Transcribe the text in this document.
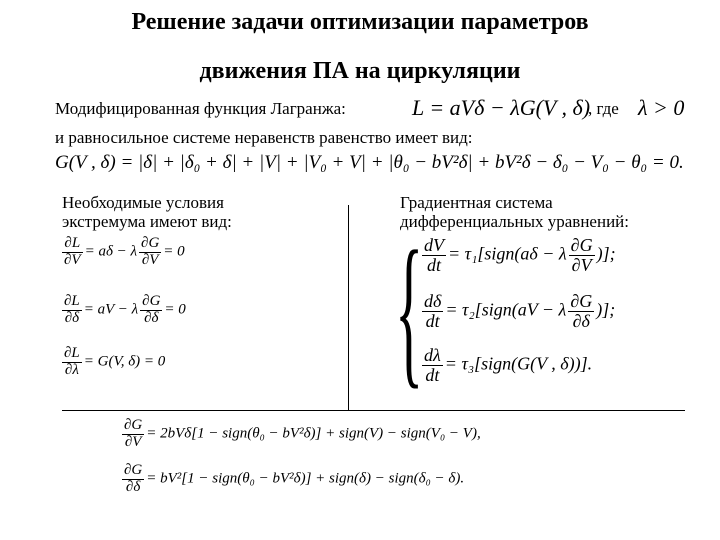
Решение задачи оптимизации параметров
движения ПА на циркуляции
Модифицированная функция Лагранжа:	L = aVδ − λG(V , δ)
, где λ > 0
и равносильное системе неравенств равенство имеет вид:
G(V , δ) = |δ| + |δ₀ + δ| + |V| + |V₀ + V| + |θ₀ − bV²δ| + bV²δ − δ₀ − V₀ − θ₀ = 0.
Необходимые условия
экстремума имеют вид:
Градиентная система
дифференциальных уравнений:
$\frac{\partial L}{\partial V} = a\delta - \lambda \frac{\partial G}{\partial V} = 0$
$\frac{\partial L}{\partial\delta}$ = aV − λ $\frac{\partial G}{\partial\delta} = 0$
$\frac{\partial L}{\partial\lambda} = G(V$, δ) = 0 {
$\frac{dV}{dt}$ = τ₁[sign(aδ − λ $\frac{\partial G}{\partial V}$ )];
$\frac{d\delta}{dt}$ = τ₂[sign(aV − λ $\frac{\partial G}{\partial\delta}$ )];
$\frac{d\lambda}{dt}$ = τ₃[sign(G(V , δ))].
$\frac{\partial G}{\partial V} = 2bV\delta[1$ − sign(θ₀ − bV²δ)] + sign(V) − sign(V₀ − V),
$\frac{\partial G}{\partial\delta} = bV^2[1$ − sign(θ₀ − bV²δ)] + sign(δ) − sign(δ₀ − δ).
